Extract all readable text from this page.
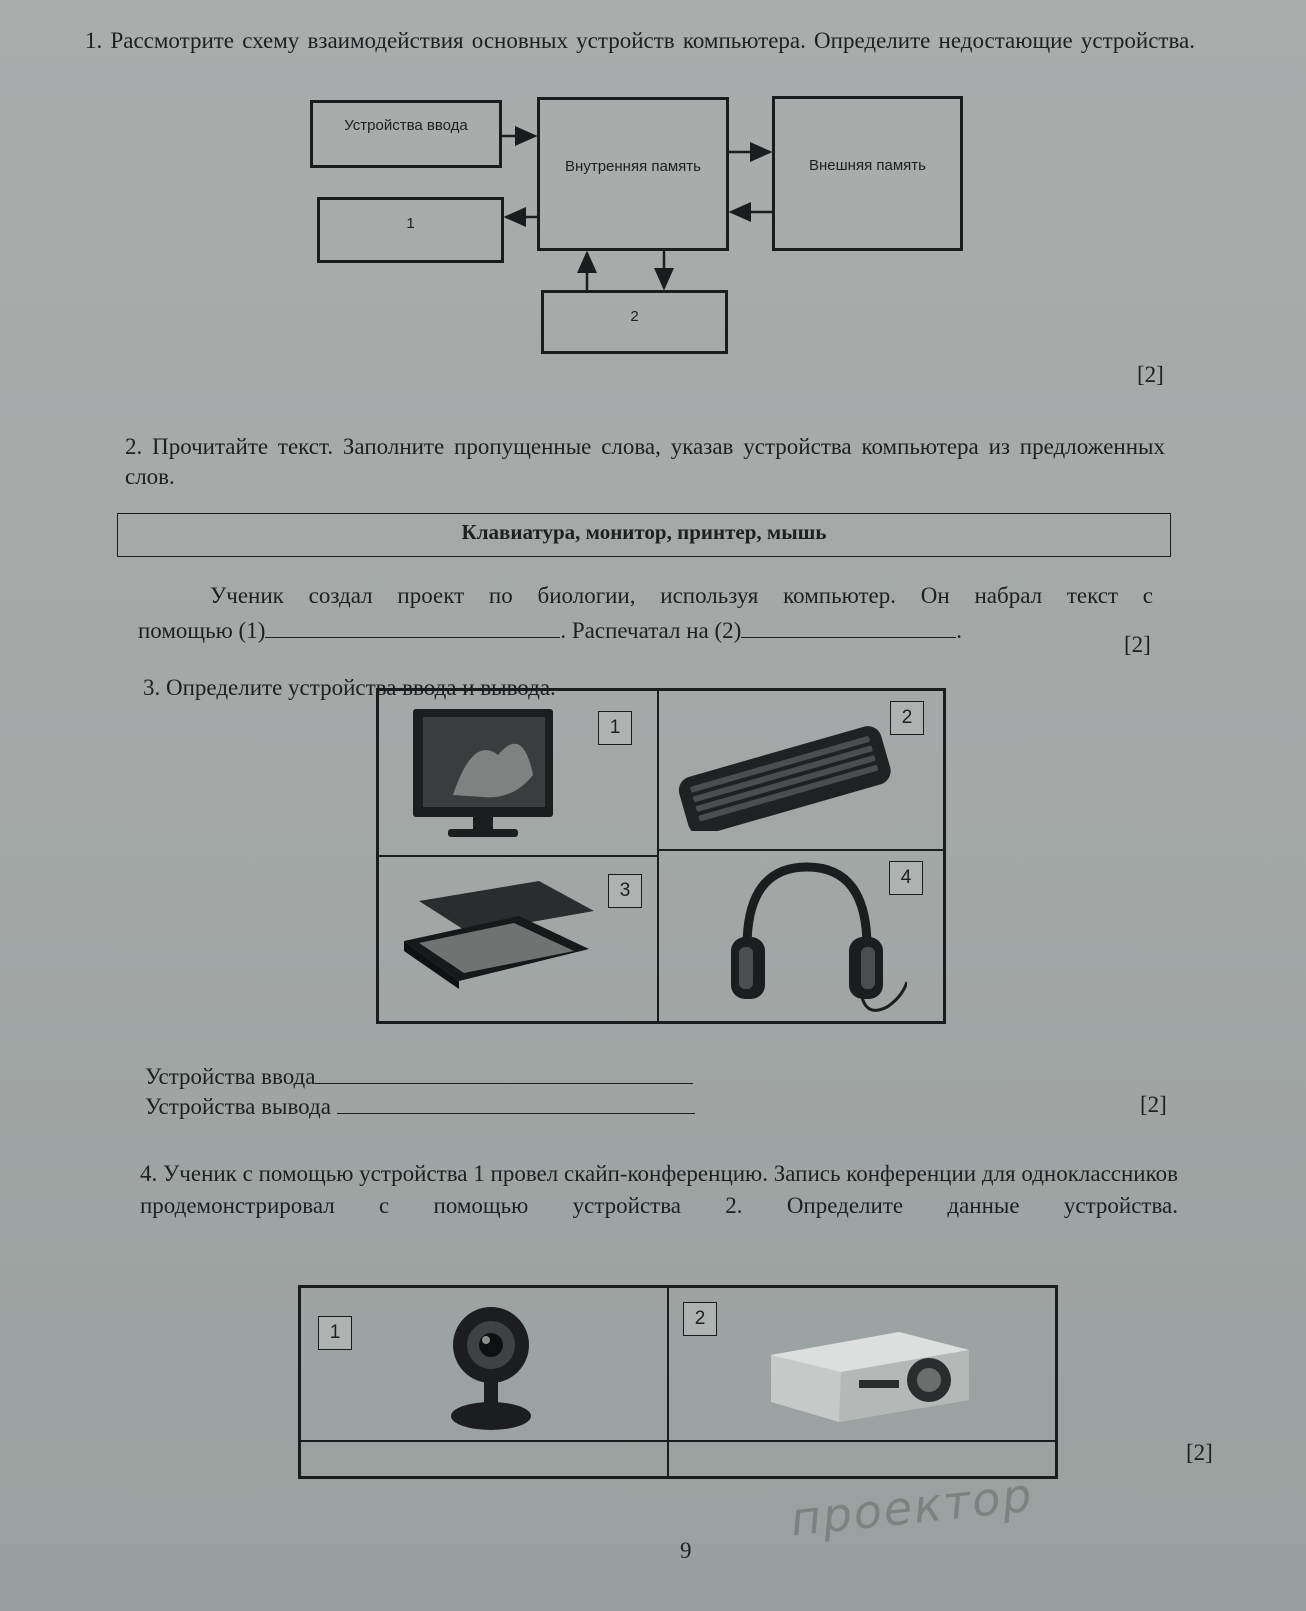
1. Рассмотрите схему взаимодействия основных устройств компьютера. Определите недостающие устройства.
Устройства ввода
Внутренняя память	Внешняя память
1
2
[2]
2. Прочитайте текст. Заполните пропущенные слова, указав устройства компьютера из предложенных слов.
Клавиатура, монитор, принтер, мышь
Ученик создал проект по биологии, используя компьютер. Он набрал текст с
помощью (1)	. Распечатал на (2)	.
[2]
3. Определите устройства ввода и вывода.
1	2
3
4
Устройства ввода
Устройства вывода	[2]
4. Ученик с помощью устройства 1 провел скайп-конференцию. Запись конференции для одноклассников продемонстрировал с помощью устройства 2. Определите данные устройства.
1
2
[2]
проектор
9
